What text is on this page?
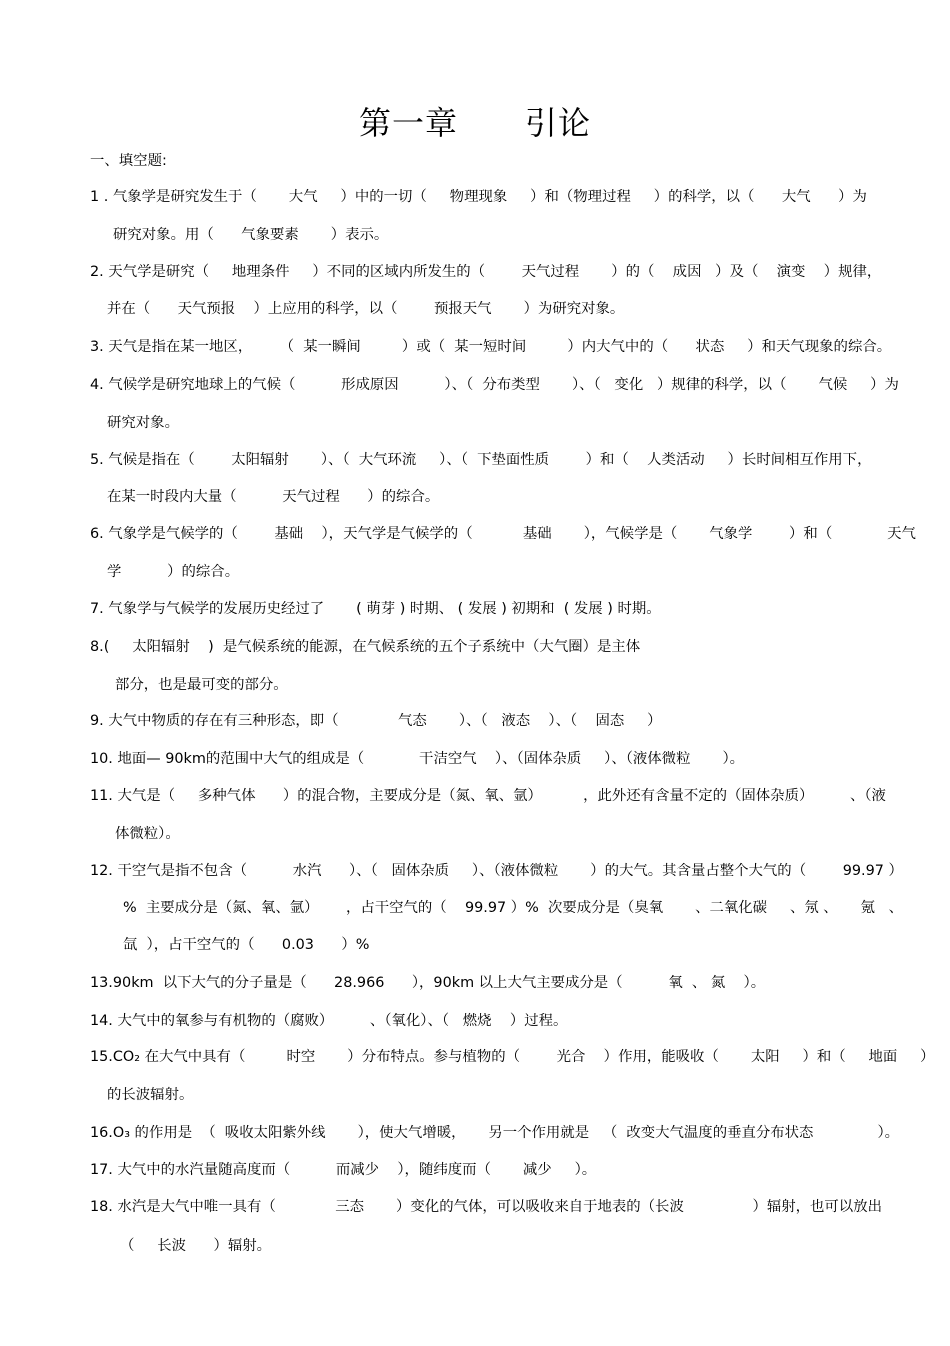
第一章      引论
一、填空题:
1 . 气象学是研究发生于（       大气     ）中的一切（     物理现象     ）和（物理过程     ）的科学，以（      大气      ）为
研究对象。用（      气象要素       ）表示。
2. 天气学是研究（     地理条件     ）不同的区域内所发生的（        天气过程       ）的（    成因   ）及（    演变    ）规律，
并在（      天气预报    ）上应用的科学，以（        预报天气       ）为研究对象。
3. 天气是指在某一地区，      （  某一瞬间         ）或（  某一短时间         ）内大气中的（      状态     ）和天气现象的综合。
4. 气候学是研究地球上的气候（          形成原因          ）、（  分布类型       ）、（   变化   ）规律的科学，以（       气候     ）为
研究对象。
5. 气候是指在（        太阳辐射       ）、（  大气环流     ）、（  下垫面性质        ）和（    人类活动     ）长时间相互作用下，
在某一时段内大量（          天气过程      ）的综合。
6. 气象学是气候学的（        基础    ），天气学是气候学的（           基础       ），气候学是（       气象学        ）和（            天气
学          ）的综合。
7. 气象学与气候学的发展历史经过了       ( 萌芽 ) 时期、 ( 发展 ) 初期和  ( 发展 ) 时期。
8.(     太阳辐射    )  是气候系统的能源，在气候系统的五个子系统中（大气圈）是主体
部分，也是最可变的部分。
9. 大气中物质的存在有三种形态，即（             气态       ）、（   液态    ）、（    固态     ）
10. 地面— 90km的范围中大气的组成是（            干洁空气    ）、（固体杂质     ）、（液体微粒       ）。
11. 大气是（     多种气体      ）的混合物，主要成分是（氮、氧、氩）         ，此外还有含量不定的（固体杂质）        、（液
体微粒）。
12. 干空气是指不包含（          水汽      ）、（   固体杂质     ）、（液体微粒       ）的大气。其含量占整个大气的（        99.97 ）
%  主要成分是（氮、氧、氩）      ，占干空气的（    99.97 ）%  次要成分是（臭氧       、二氧化碳     、氖 、     氪   、
氙  ），占干空气的（      0.03      ）%
13.90km  以下大气的分子量是（      28.966      ），90km 以上大气主要成分是（          氧  、 氮    ）。
14. 大气中的氧参与有机物的（腐败）        、（氧化）、（   燃烧    ）过程。
15.CO₂ 在大气中具有（         时空       ）分布特点。参与植物的（        光合    ）作用，能吸收（       太阳     ）和（     地面     ）
的长波辐射。
16.O₃ 的作用是  （  吸收太阳紫外线       ），使大气增暖，     另一个作用就是   （  改变大气温度的垂直分布状态              ）。
17. 大气中的水汽量随高度而（          而减少    ），随纬度而（       减少     ）。
18. 水汽是大气中唯一具有（             三态       ）变化的气体，可以吸收来自于地表的（长波               ）辐射，也可以放出
（     长波      ）辐射。
